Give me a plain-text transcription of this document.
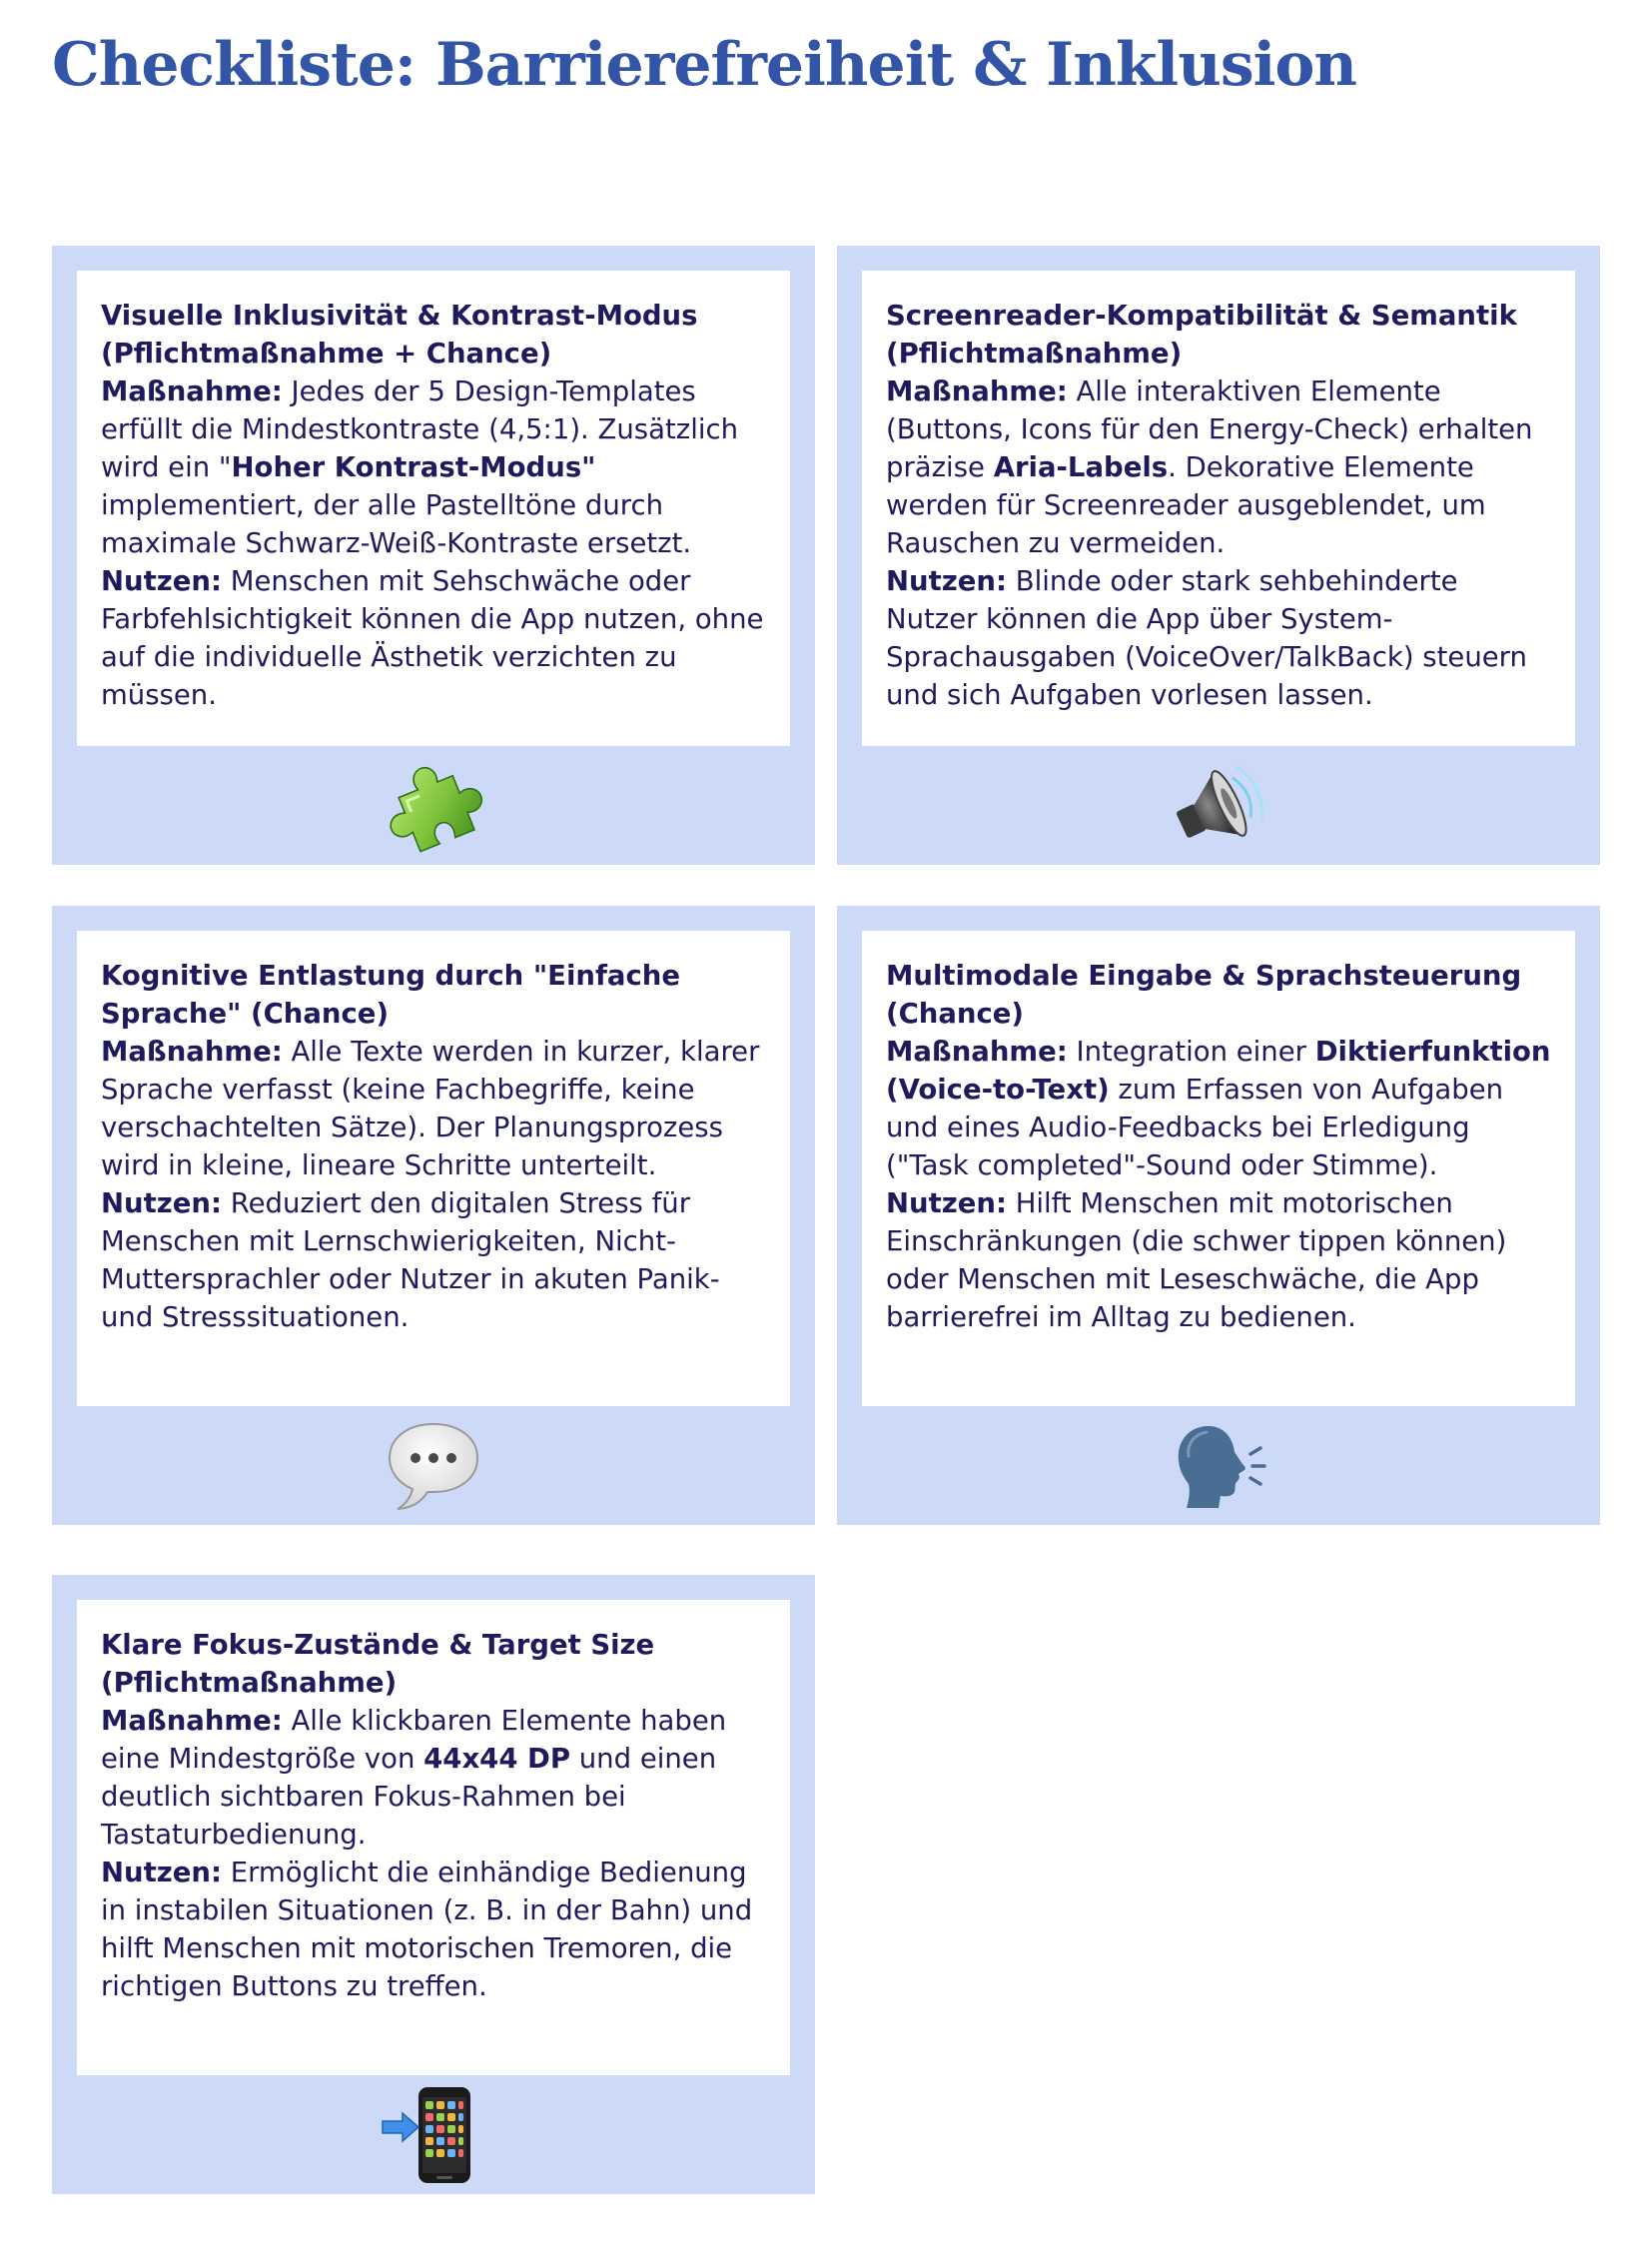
Checkliste: Barrierefreiheit & Inklusion

Visuelle Inklusivität & Kontrast-Modus (Pflichtmaßnahme + Chance)

Maßnahme: Jedes der 5 Design-Templates erfüllt die Mindestkontraste (4,5:1). Zusätzlich wird ein "Hoher Kontrast-Modus" implementiert, der alle Pastelltöne durch maximale Schwarz-Weiß-Kontraste ersetzt.

Nutzen: Menschen mit Sehschwäche oder Farbfehlsichtigkeit können die App nutzen, ohne auf die individuelle Ästhetik verzichten zu müssen.

Screenreader-Kompatibilität & Semantik (Pflichtmaßnahme)

Maßnahme: Alle interaktiven Elemente (Buttons, Icons für den Energy-Check) erhalten präzise Aria-Labels. Dekorative Elemente werden für Screenreader ausgeblendet, um Rauschen zu vermeiden.

Nutzen: Blinde oder stark sehbehinderte Nutzer können die App über System-Sprachausgaben (VoiceOver/TalkBack) steuern und sich Aufgaben vorlesen lassen.

Kognitive Entlastung durch "Einfache Sprache" (Chance)

Maßnahme: Alle Texte werden in kurzer, klarer Sprache verfasst (keine Fachbegriffe, keine verschachtelten Sätze). Der Planungsprozess wird in kleine, lineare Schritte unterteilt.

Nutzen: Reduziert den digitalen Stress für Menschen mit Lernschwierigkeiten, Nicht-Muttersprachler oder Nutzer in akuten Panik- und Stresssituationen.

Multimodale Eingabe & Sprachsteuerung (Chance)

Maßnahme: Integration einer Diktierfunktion (Voice-to-Text) zum Erfassen von Aufgaben und eines Audio-Feedbacks bei Erledigung ("Task completed"-Sound oder Stimme).

Nutzen: Hilft Menschen mit motorischen Einschränkungen (die schwer tippen können) oder Menschen mit Leseschwäche, die App barrierefrei im Alltag zu bedienen.

Klare Fokus-Zustände & Target Size (Pflichtmaßnahme)

Maßnahme: Alle klickbaren Elemente haben eine Mindestgröße von 44x44 DP und einen deutlich sichtbaren Fokus-Rahmen bei Tastaturbedienung.

Nutzen: Ermöglicht die einhändige Bedienung in instabilen Situationen (z. B. in der Bahn) und hilft Menschen mit motorischen Tremoren, die richtigen Buttons zu treffen.
